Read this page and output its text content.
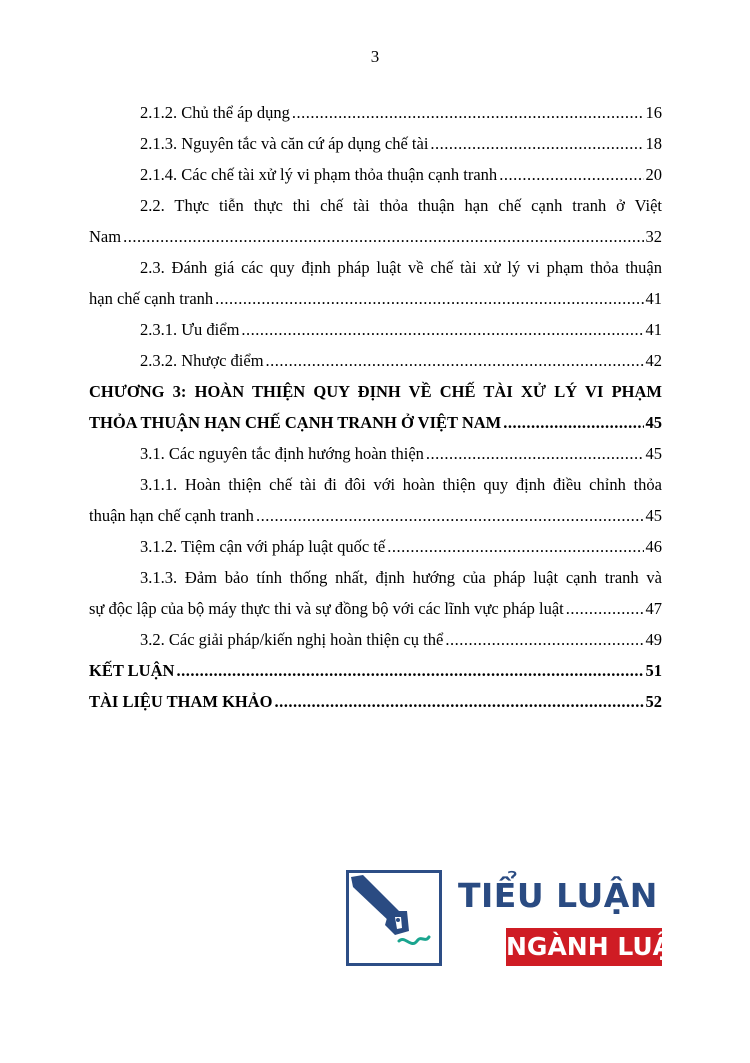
3
2.1.2. Chủ thể áp dụng .....	16
2.1.3. Nguyên tắc và căn cứ áp dụng chế tài .....	18
2.1.4. Các chế tài xử lý vi phạm thỏa thuận cạnh tranh .....	20
2.2. Thực tiễn thực thi chế tài thỏa thuận hạn chế cạnh tranh ở Việt
Nam .....	32
2.3. Đánh giá các quy định pháp luật về chế tài xử lý vi phạm thỏa thuận
hạn chế cạnh tranh .....	41
2.3.1. Ưu điểm .....	41
2.3.2. Nhược điểm .....	42
CHƯƠNG 3: HOÀN THIỆN QUY ĐỊNH VỀ CHẾ TÀI XỬ LÝ VI PHẠM
THỎA THUẬN HẠN CHẾ CẠNH TRANH Ở VIỆT NAM .....	45
3.1. Các nguyên tắc định hướng hoàn thiện .....	45
3.1.1. Hoàn thiện chế tài đi đôi với hoàn thiện quy định điều chỉnh thỏa
thuận hạn chế cạnh tranh .....	45
3.1.2. Tiệm cận với pháp luật quốc tế .....	46
3.1.3. Đảm bảo tính thống nhất, định hướng của pháp luật cạnh tranh và
sự độc lập của bộ máy thực thi và sự đồng bộ với các lĩnh vực pháp luật .....	47
3.2. Các giải pháp/kiến nghị hoàn thiện cụ thể .....	49
KẾT LUẬN .....	51
TÀI LIỆU THAM KHẢO .....	52
TIỂU LUẬN
NGÀNH LUẬT
